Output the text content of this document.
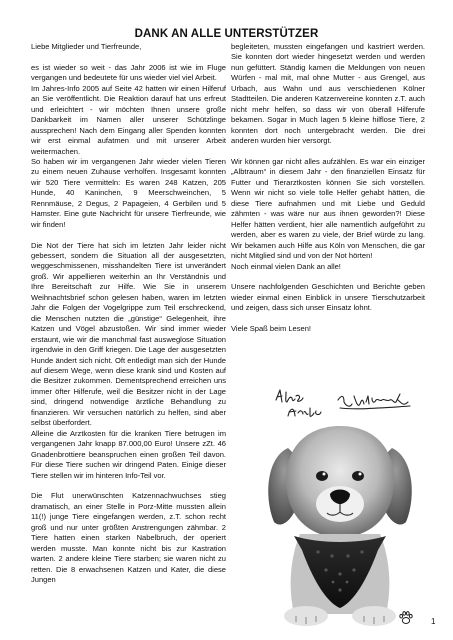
DANK AN ALLE UNTERSTÜTZER

Liebe Mitglieder und Tierfreunde,

es ist wieder so weit - das Jahr 2006 ist wie im Fluge vergangen und bedeutete für uns wieder viel viel Arbeit.
Im Jahres-Info 2005 auf Seite 42 hatten wir einen Hilferuf an Sie veröffentlicht. Die Reaktion darauf hat uns erfreut und erleichtert - wir möchten Ihnen unsere große Dankbarkeit im Namen aller unserer Schützlinge aussprechen! Nach dem Eingang aller Spenden konnten wir erst einmal aufatmen und mit unserer Arbeit weitermachen.
So haben wir im vergangenen Jahr wieder vielen Tieren zu einem neuen Zuhause verholfen. Insgesamt konnten wir 520 Tiere vermitteln: Es waren 248 Katzen, 205 Hunde, 40 Kaninchen, 9 Meerschweinchen, 5 Rennmäuse, 2 Degus, 2 Papageien, 4 Gerbilen und 5 Hamster. Eine gute Nachricht für unsere Tierfreunde, wie wir finden!

Die Not der Tiere hat sich im letzten Jahr leider nicht gebessert, sondern die Situation all der ausgesetzten, weggeschmissenen, misshandelten Tiere ist unverändert groß. Wir appellieren weiterhin an Ihr Verständnis und Ihre Bereitschaft zur Hilfe. Wie Sie in unserem Weihnachtsbrief schon gelesen haben, waren im letzten Jahr die Folgen der Vogelgrippe zum Teil erschreckend, die Menschen nutzten die „günstige“ Gelegenheit, ihre Katzen und Vögel abzustoßen. Wir sind immer wieder erstaunt, wie wir die manchmal fast ausweglose Situation irgendwie in den Griff kriegen. Die Lage der ausgesetzten Hunde ändert sich nicht. Oft entledigt man sich der Hunde auf diesem Wege, wenn diese krank sind und Kosten auf die Besitzer zukommen. Dementsprechend erreichen uns immer öfter Hilferufe, weil die Besitzer nicht in der Lage sind, dringend notwendige ärztliche Behandlung zu finanzieren. Wir versuchen natürlich zu helfen, sind aber selbst überfordert.
Alleine die Arztkosten für die kranken Tiere betrugen im vergangenen Jahr knapp 87.000,00 Euro! Unsere zZt. 46 Gnadenbrottiere beanspruchen einen großen Teil davon. Für diese Tiere suchen wir dringend Paten. Einige dieser Tiere stellen wir im hinteren Info-Teil vor.

Die Flut unerwünschten Katzennachwuchses stieg dramatisch, an einer Stelle in Porz-Mitte mussten allein 11(!) junge Tiere eingefangen werden, z.T. schon recht groß und nur unter größten Anstrengungen zähmbar. 2 Tiere hatten einen starken Nabelbruch, der operiert werden musste. Man konnte nicht bis zur Kastration warten. 2 andere kleine Tiere starben; sie waren nicht zu retten. Die 8 erwachsenen Katzen und Kater, die diese Jungen

begleiteten, mussten eingefangen und kastriert werden. Sie konnten dort wieder hingesetzt werden und werden nun gefüttert. Ständig kamen die Meldungen von neuen Würfen - mal mit, mal ohne Mutter - aus Grengel, aus Urbach, aus Wahn und aus verschiedenen Kölner Stadtteilen. Die anderen Katzenvereine konnten z.T. auch nicht mehr helfen, so dass wir von überall Hilferufe bekamen. Sogar in Much lagen 5 kleine hilflose Tiere, 2 konnten dort noch untergebracht werden. Die drei anderen wurden hier versorgt.

Wir können gar nicht alles aufzählen. Es war ein einziger „Albtraum“ in diesem Jahr - den finanziellen Einsatz für Futter und Tierarztkosten können Sie sich vorstellen. Wenn wir nicht so viele tolle Helfer gehabt hätten, die diese Tiere aufnahmen und mit Liebe und Geduld zähmten - was wäre nur aus ihnen geworden?! Diese Helfer hätten verdient, hier alle namentlich aufgeführt zu werden, aber es waren zu viele, der Brief würde zu lang. Wir bekamen auch Hilfe aus Köln von Menschen, die gar nicht Mitglied sind und von der Not hörten!
Noch einmal vielen Dank an alle!

Unsere nachfolgenden Geschichten und Berichte geben wieder einmal einen Einblick in unsere Tierschutzarbeit und zeigen, dass sich unser Einsatz lohnt.

Viele Spaß beim Lesen!

1
